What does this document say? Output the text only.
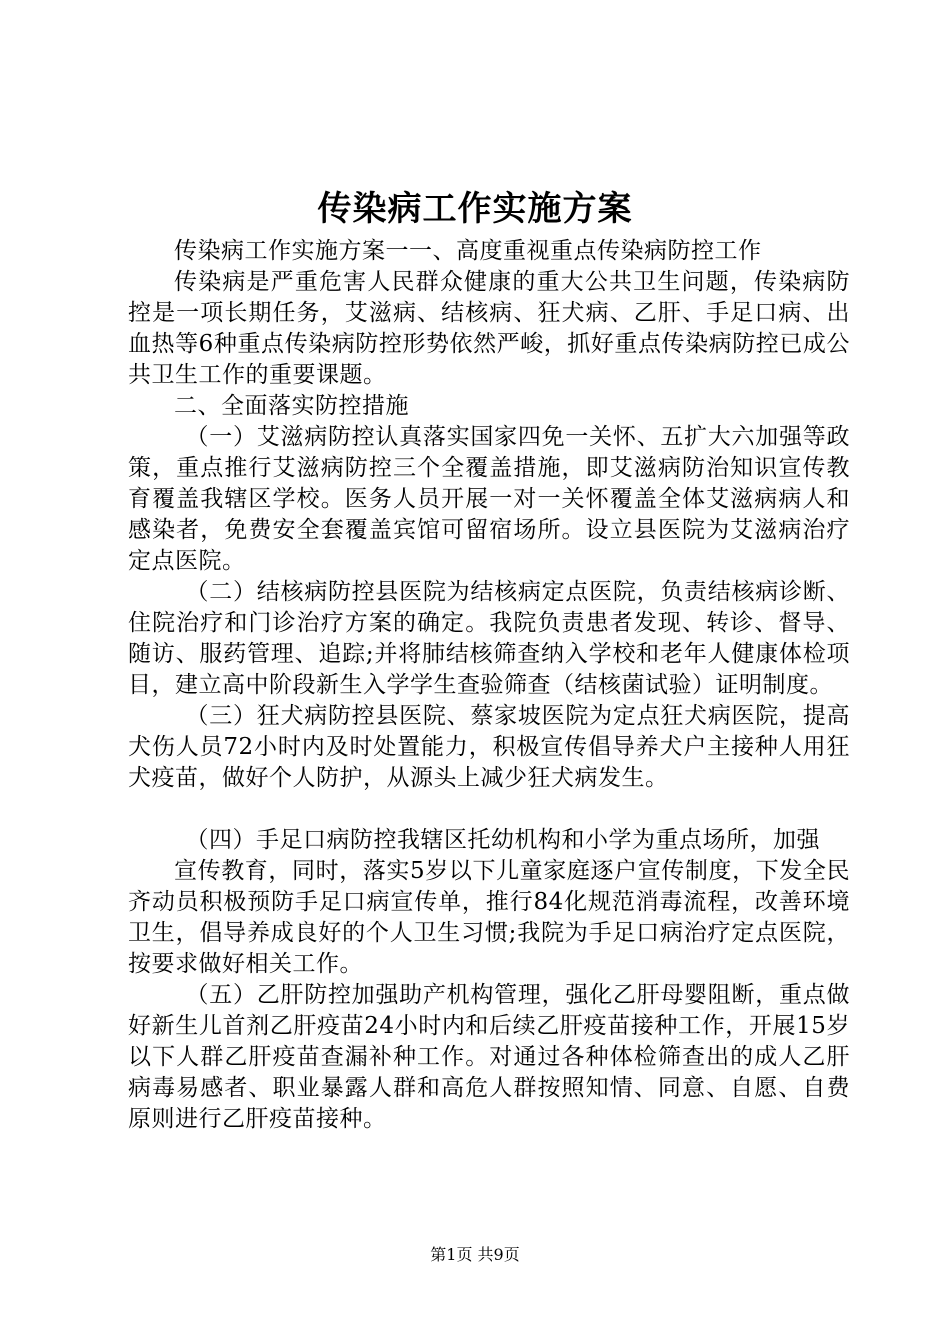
传染病工作实施方案

传染病工作实施方案一一、高度重视重点传染病防控工作

传染病是严重危害人民群众健康的重大公共卫生问题，传染病防控是一项长期任务，艾滋病、结核病、狂犬病、乙肝、手足口病、出血热等6种重点传染病防控形势依然严峻，抓好重点传染病防控已成公共卫生工作的重要课题。

二、全面落实防控措施

（一）艾滋病防控认真落实国家四免一关怀、五扩大六加强等政策，重点推行艾滋病防控三个全覆盖措施，即艾滋病防治知识宣传教育覆盖我辖区学校。医务人员开展一对一关怀覆盖全体艾滋病病人和感染者，免费安全套覆盖宾馆可留宿场所。设立县医院为艾滋病治疗定点医院。

（二）结核病防控县医院为结核病定点医院，负责结核病诊断、住院治疗和门诊治疗方案的确定。我院负责患者发现、转诊、督导、随访、服药管理、追踪;并将肺结核筛查纳入学校和老年人健康体检项目，建立高中阶段新生入学学生查验筛查（结核菌试验）证明制度。

（三）狂犬病防控县医院、蔡家坡医院为定点狂犬病医院，提高犬伤人员72小时内及时处置能力，积极宣传倡导养犬户主接种人用狂犬疫苗，做好个人防护，从源头上减少狂犬病发生。

（四）手足口病防控我辖区托幼机构和小学为重点场所，加强

宣传教育，同时，落实5岁以下儿童家庭逐户宣传制度，下发全民齐动员积极预防手足口病宣传单，推行84化规范消毒流程，改善环境卫生，倡导养成良好的个人卫生习惯;我院为手足口病治疗定点医院，按要求做好相关工作。

（五）乙肝防控加强助产机构管理，强化乙肝母婴阻断，重点做好新生儿首剂乙肝疫苗24小时内和后续乙肝疫苗接种工作，开展15岁以下人群乙肝疫苗查漏补种工作。对通过各种体检筛查出的成人乙肝病毒易感者、职业暴露人群和高危人群按照知情、同意、自愿、自费原则进行乙肝疫苗接种。

第1页 共9页
